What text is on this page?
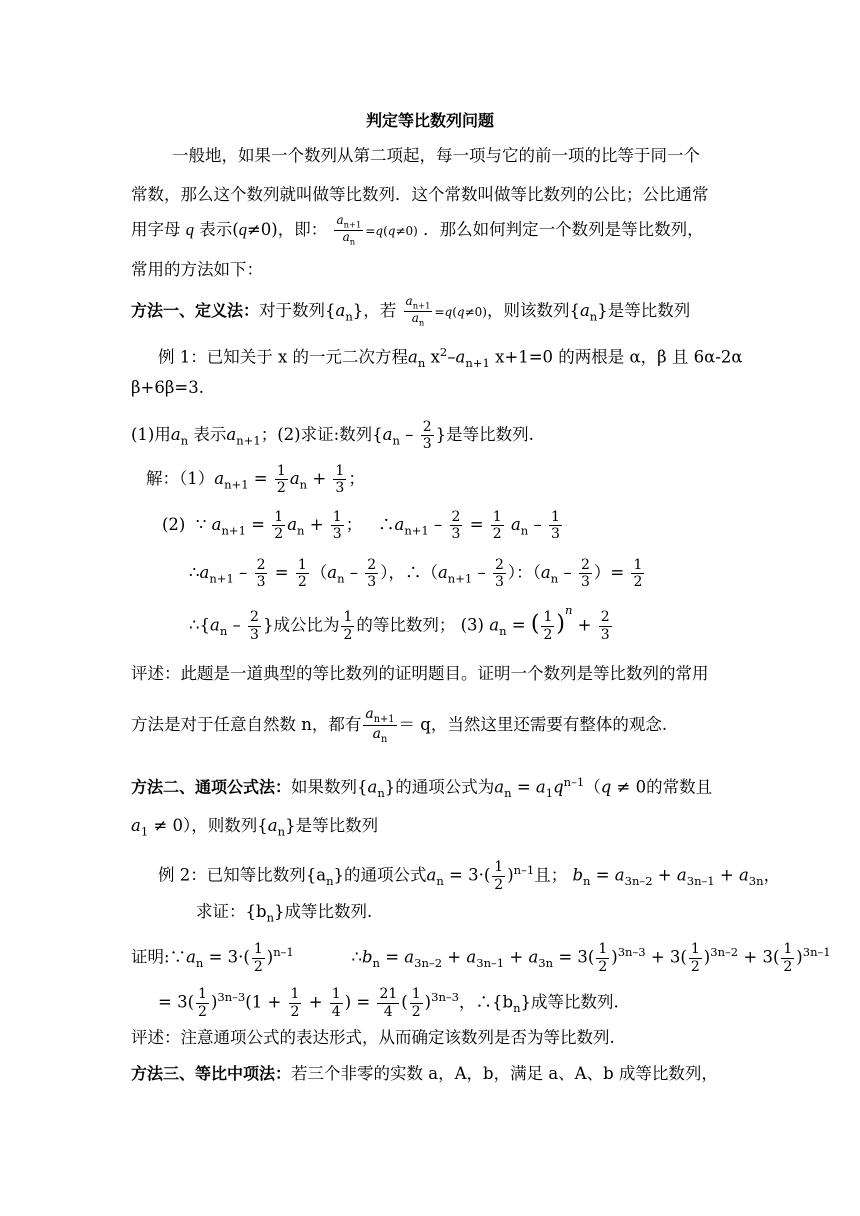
判定等比数列问题
一般地，如果一个数列从第二项起，每一项与它的前一项的比等于同一个
常数，那么这个数列就叫做等比数列．这个常数叫做等比数列的公比；公比通常
用字母 q 表示(q≠0)，即： $\frac{a_{n+1}}{a_n} =q(q\ne 0)$ ．那么如何判定一个数列是等比数列，
常用的方法如下：
方法一、定义法：对于数列$\{a_n\}$，若 $\frac{a_{n+1}}{a_n} =q(q\ne 0)$，则该数列$\{a_n\}$是等比数列
例 1：已知关于 x 的一元二次方程$a_n$ $x^2-a_{n+1}$ x+1=0 的两根是 α，β 且 6α-2α
β+6β=3.
(1)用$a_n$ 表示$a_{n+1}$；(2)求证:数列{$a_n - \frac{2}{3}$ }是等比数列.
解：$(1)a_{n+1} = \frac{1}{2} a_n + \frac{1}{3}$ ；
(2) ∵ $a_{n+1} = \frac{1}{2} a_n + \frac{1}{3}$ ；   $\therefore a_{n+1} - \frac{2}{3} = \frac{1}{2} a_n - \frac{1}{3}$
$\therefore a_{n+1} - \frac{2}{3} = \frac{1}{2} (a_n - \frac{2}{3}$ ），$\therefore(a_{n+1} - \frac{2}{3}$ ）：（$a_n - \frac{2}{3}$ ）= $\frac{1}{2}$
$\therefore\{a_n - \frac{2}{3}$ }成公比为 $\frac{1}{2}$ 的等比数列； (3) $a_n$ = ( $\frac{1}{2} )^n + \frac{2}{3}$
评述：此题是一道典型的等比数列的证明题目。证明一个数列是等比数列的常用
方法是对于任意自然数 n，都有 $\frac{a_{n+1}}{a_n} = q$，当然这里还需要有整体的观念.
方法二、通项公式法：如果数列$\{a_n\}$的通项公式为$a_n = a_1q^{n-1}(q \ne 0$的常数且
$a_1 \ne 0$），则数列$\{a_n\}$是等比数列
例 2：已知等比数列$\{a_n\}$的通项公式$a_n = 3\cdot( \frac{1}{2} )^{n-1}$且； $b_n = a_{3n-2} + a_{3n-1} + a_{3n}$，
求证：$\{b_n\}$成等比数列.
证明$:\because a_n = 3\cdot( \frac{1}{2} )^{n-1}$	$\therefore b_n = a_{3n-2} + a_{3n-1} + a_{3n} = 3( \frac{1}{2} )^{3n-3} + 3( \frac{1}{2} )^{3n-2} + 3( \frac{1}{2} )^{3n-1}$
= $3( \frac{1}{2} )^{3n-3}(1 + \frac{1}{2} + \frac{1}{4}$ ) = $\frac{21}{4}$ ( $\frac{1}{2} )^{3n-3}$，$\therefore\{b_n\}$成等比数列.
评述：注意通项公式的表达形式，从而确定该数列是否为等比数列.
方法三、等比中项法：若三个非零的实数 a，A，b，满足 a、A、b 成等比数列，
